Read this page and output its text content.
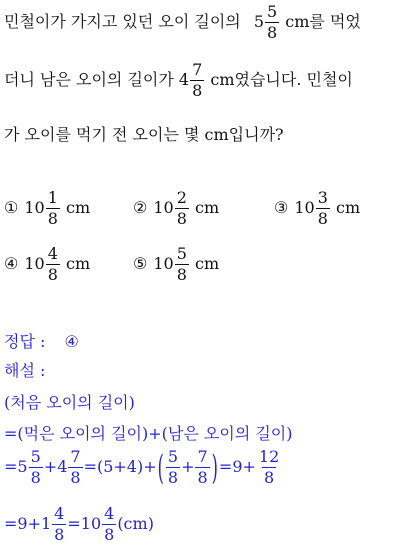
민철이가 가지고 있던 오이 길이의 $5 \frac{5}{8}$ cm를 먹었
더니 남은 오이의 길이가 $4 \frac{7}{8}$ cm였습니다. 민철이
가 오이를 먹기 전 오이는 몇 cm입니까?
① $10 \frac{1}{8}$ cm	② $10 \frac{2}{8}$ cm	③ $10 \frac{3}{8}$ cm
④ $10 \frac{4}{8}$ cm	⑤ $10 \frac{5}{8}$ cm
정답 : ④
해설 :
(처음 오이의 길이)
=(먹은 오이의 길이)+(남은 오이의 길이)
$=5 \frac{5}{8} +4 \frac{7}{8} =(5+4)+( \frac{5}{8} + \frac{7}{8} )=9+ \frac{12}{8}$
$=9+1 \frac{4}{8} =10 \frac{4}{8} (cm)$
